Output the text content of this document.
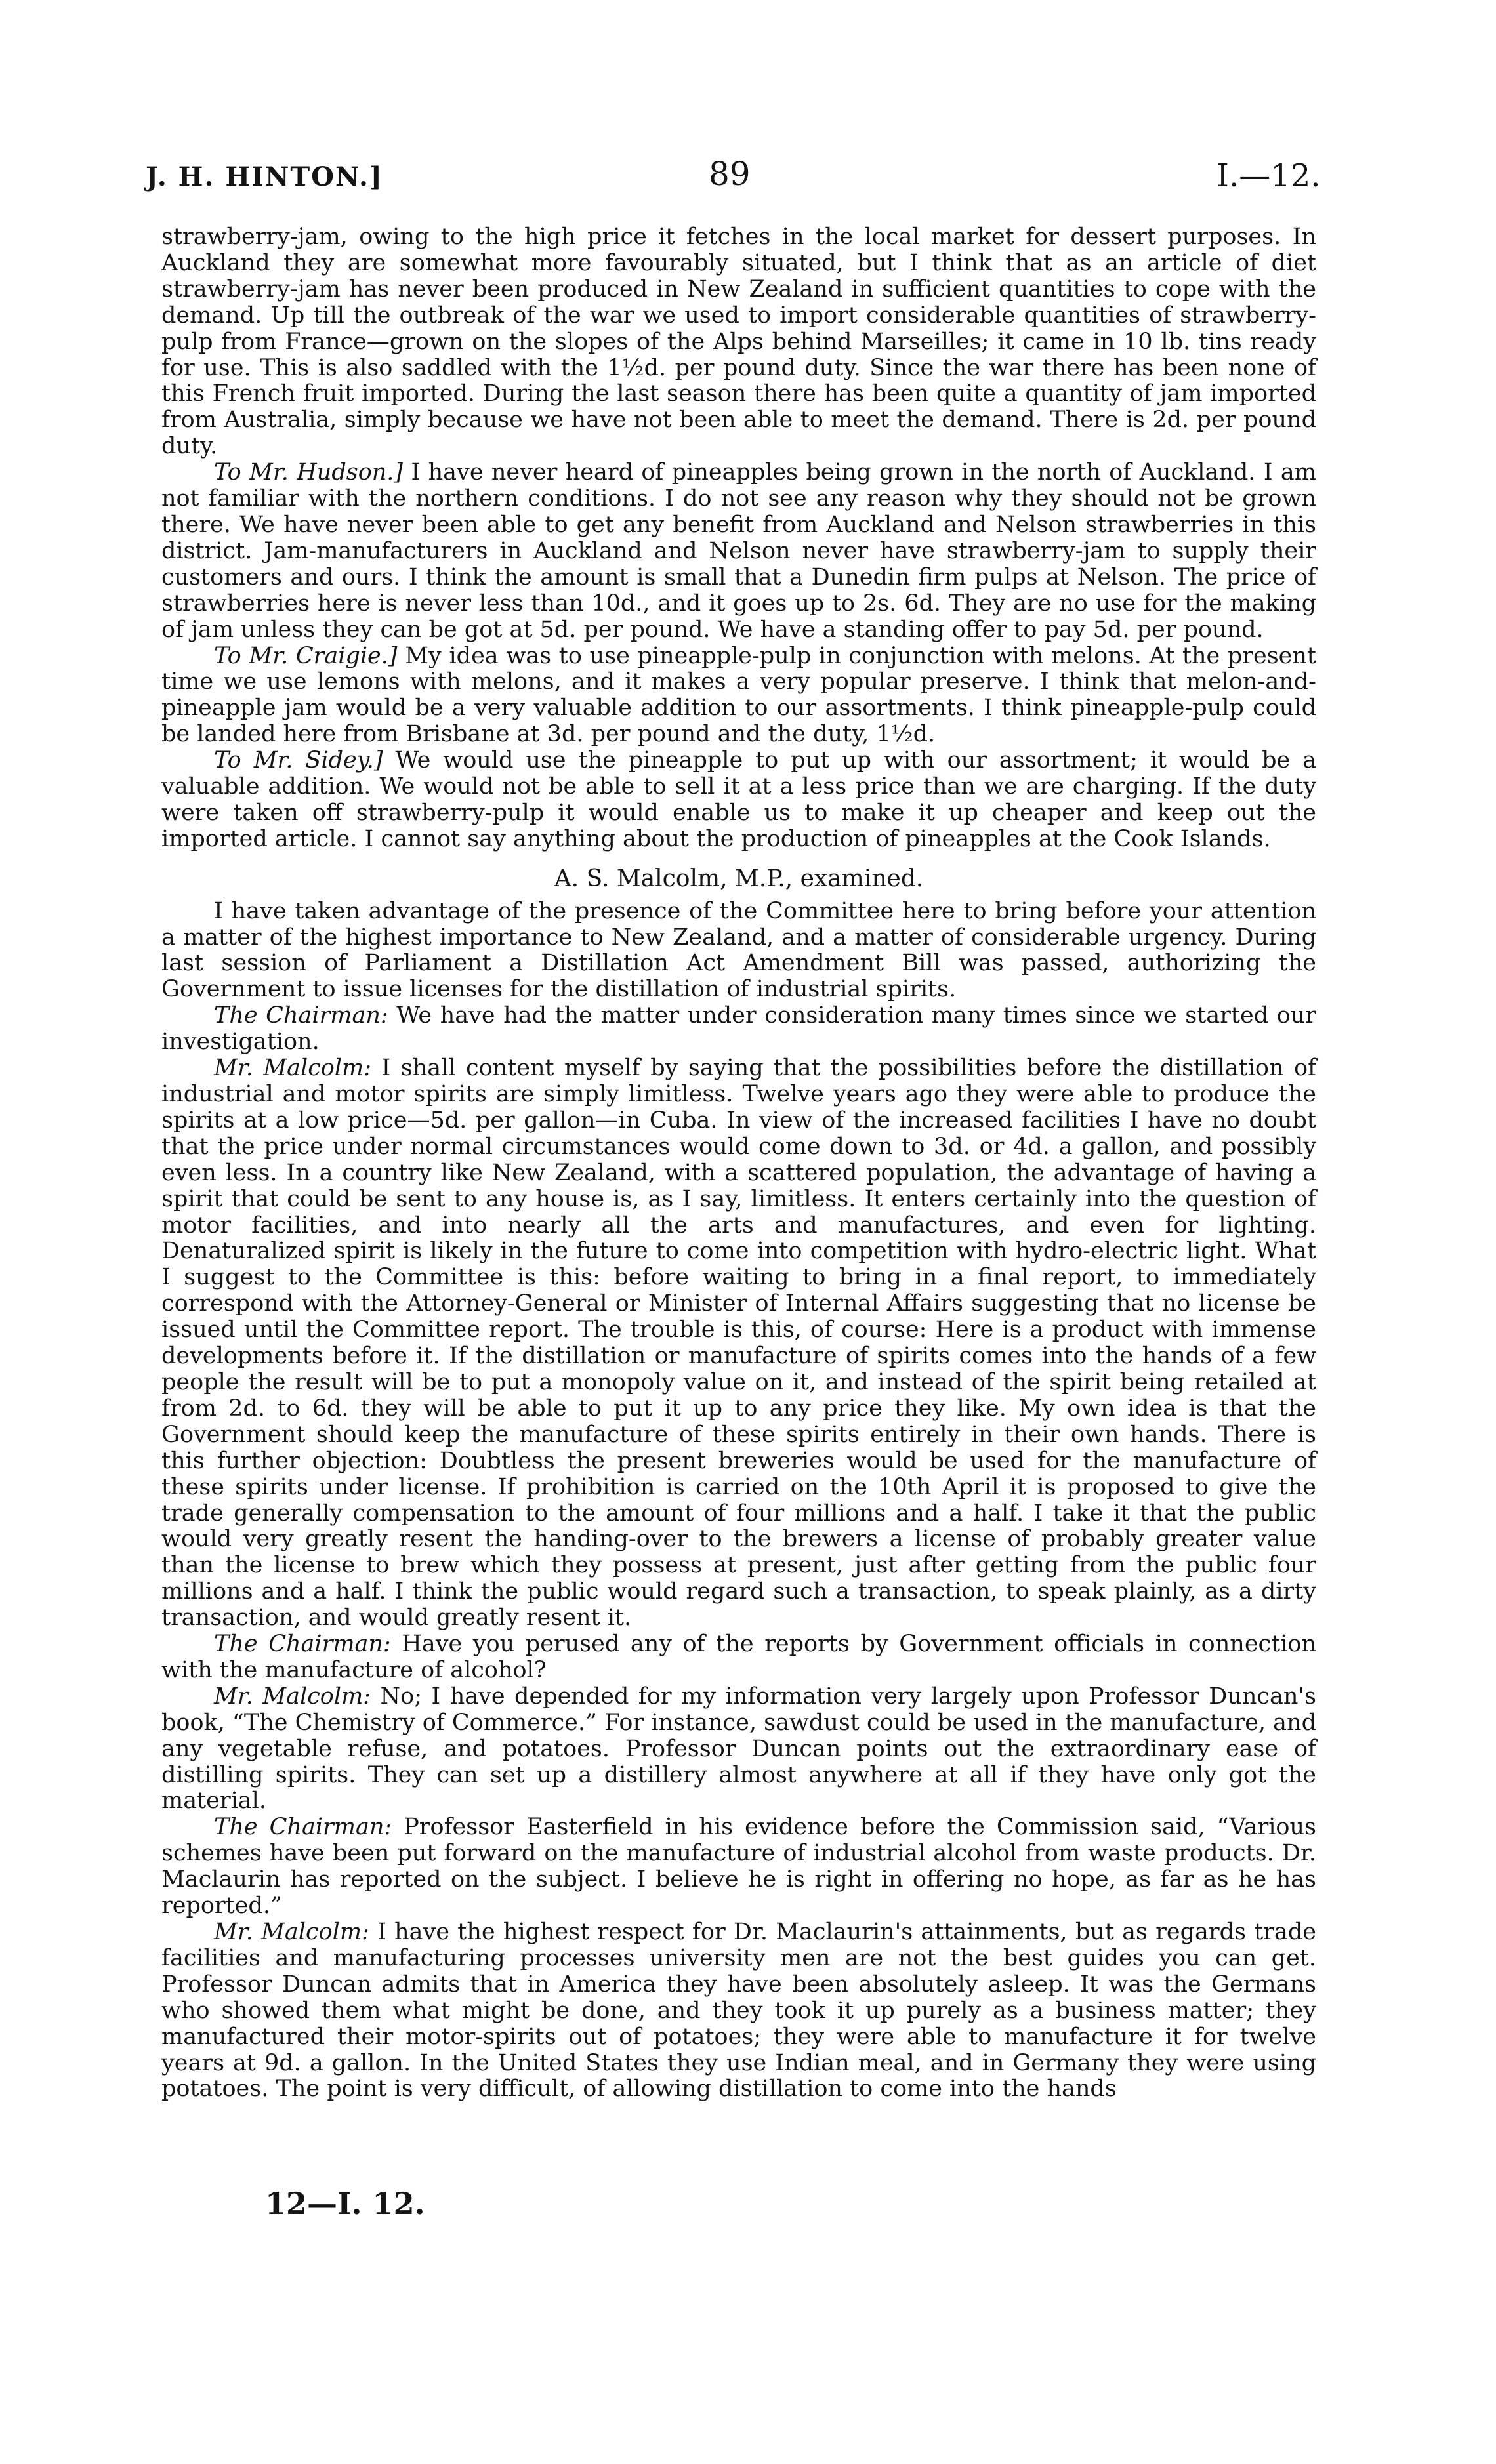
J. H. HINTON.]	89	I.—12.

strawberry-jam, owing to the high price it fetches in the local market for dessert purposes. In Auckland they are somewhat more favourably situated, but I think that as an article of diet strawberry-jam has never been produced in New Zealand in sufficient quantities to cope with the demand. Up till the outbreak of the war we used to import considerable quantities of strawberry-pulp from France—grown on the slopes of the Alps behind Marseilles; it came in 10 lb. tins ready for use. This is also saddled with the 1½d. per pound duty. Since the war there has been none of this French fruit imported. During the last season there has been quite a quantity of jam imported from Australia, simply because we have not been able to meet the demand. There is 2d. per pound duty.

To Mr. Hudson.] I have never heard of pineapples being grown in the north of Auckland. I am not familiar with the northern conditions. I do not see any reason why they should not be grown there. We have never been able to get any benefit from Auckland and Nelson strawberries in this district. Jam-manufacturers in Auckland and Nelson never have strawberry-jam to supply their customers and ours. I think the amount is small that a Dunedin firm pulps at Nelson. The price of strawberries here is never less than 10d., and it goes up to 2s. 6d. They are no use for the making of jam unless they can be got at 5d. per pound. We have a standing offer to pay 5d. per pound.

To Mr. Craigie.] My idea was to use pineapple-pulp in conjunction with melons. At the present time we use lemons with melons, and it makes a very popular preserve. I think that melon-and-pineapple jam would be a very valuable addition to our assortments. I think pineapple-pulp could be landed here from Brisbane at 3d. per pound and the duty, 1½d.

To Mr. Sidey.] We would use the pineapple to put up with our assortment; it would be a valuable addition. We would not be able to sell it at a less price than we are charging. If the duty were taken off strawberry-pulp it would enable us to make it up cheaper and keep out the imported article. I cannot say anything about the production of pineapples at the Cook Islands.

A. S. Malcolm, M.P., examined.

I have taken advantage of the presence of the Committee here to bring before your attention a matter of the highest importance to New Zealand, and a matter of considerable urgency. During last session of Parliament a Distillation Act Amendment Bill was passed, authorizing the Government to issue licenses for the distillation of industrial spirits.

The Chairman: We have had the matter under consideration many times since we started our investigation.

Mr. Malcolm: I shall content myself by saying that the possibilities before the distillation of industrial and motor spirits are simply limitless. Twelve years ago they were able to produce the spirits at a low price—5d. per gallon—in Cuba. In view of the increased facilities I have no doubt that the price under normal circumstances would come down to 3d. or 4d. a gallon, and possibly even less. In a country like New Zealand, with a scattered population, the advantage of having a spirit that could be sent to any house is, as I say, limitless. It enters certainly into the question of motor facilities, and into nearly all the arts and manufactures, and even for lighting. Denaturalized spirit is likely in the future to come into competition with hydro-electric light. What I suggest to the Committee is this: before waiting to bring in a final report, to immediately correspond with the Attorney-General or Minister of Internal Affairs suggesting that no license be issued until the Committee report. The trouble is this, of course: Here is a product with immense developments before it. If the distillation or manufacture of spirits comes into the hands of a few people the result will be to put a monopoly value on it, and instead of the spirit being retailed at from 2d. to 6d. they will be able to put it up to any price they like. My own idea is that the Government should keep the manufacture of these spirits entirely in their own hands. There is this further objection: Doubtless the present breweries would be used for the manufacture of these spirits under license. If prohibition is carried on the 10th April it is proposed to give the trade generally compensation to the amount of four millions and a half. I take it that the public would very greatly resent the handing-over to the brewers a license of probably greater value than the license to brew which they possess at present, just after getting from the public four millions and a half. I think the public would regard such a transaction, to speak plainly, as a dirty transaction, and would greatly resent it.

The Chairman: Have you perused any of the reports by Government officials in connection with the manufacture of alcohol?

Mr. Malcolm: No; I have depended for my information very largely upon Professor Duncan's book, “The Chemistry of Commerce.” For instance, sawdust could be used in the manufacture, and any vegetable refuse, and potatoes. Professor Duncan points out the extraordinary ease of distilling spirits. They can set up a distillery almost anywhere at all if they have only got the material.

The Chairman: Professor Easterfield in his evidence before the Commission said, “Various schemes have been put forward on the manufacture of industrial alcohol from waste products. Dr. Maclaurin has reported on the subject. I believe he is right in offering no hope, as far as he has reported.”

Mr. Malcolm: I have the highest respect for Dr. Maclaurin's attainments, but as regards trade facilities and manufacturing processes university men are not the best guides you can get. Professor Duncan admits that in America they have been absolutely asleep. It was the Germans who showed them what might be done, and they took it up purely as a business matter; they manufactured their motor-spirits out of potatoes; they were able to manufacture it for twelve years at 9d. a gallon. In the United States they use Indian meal, and in Germany they were using potatoes. The point is very difficult, of allowing distillation to come into the hands

12—I. 12.
